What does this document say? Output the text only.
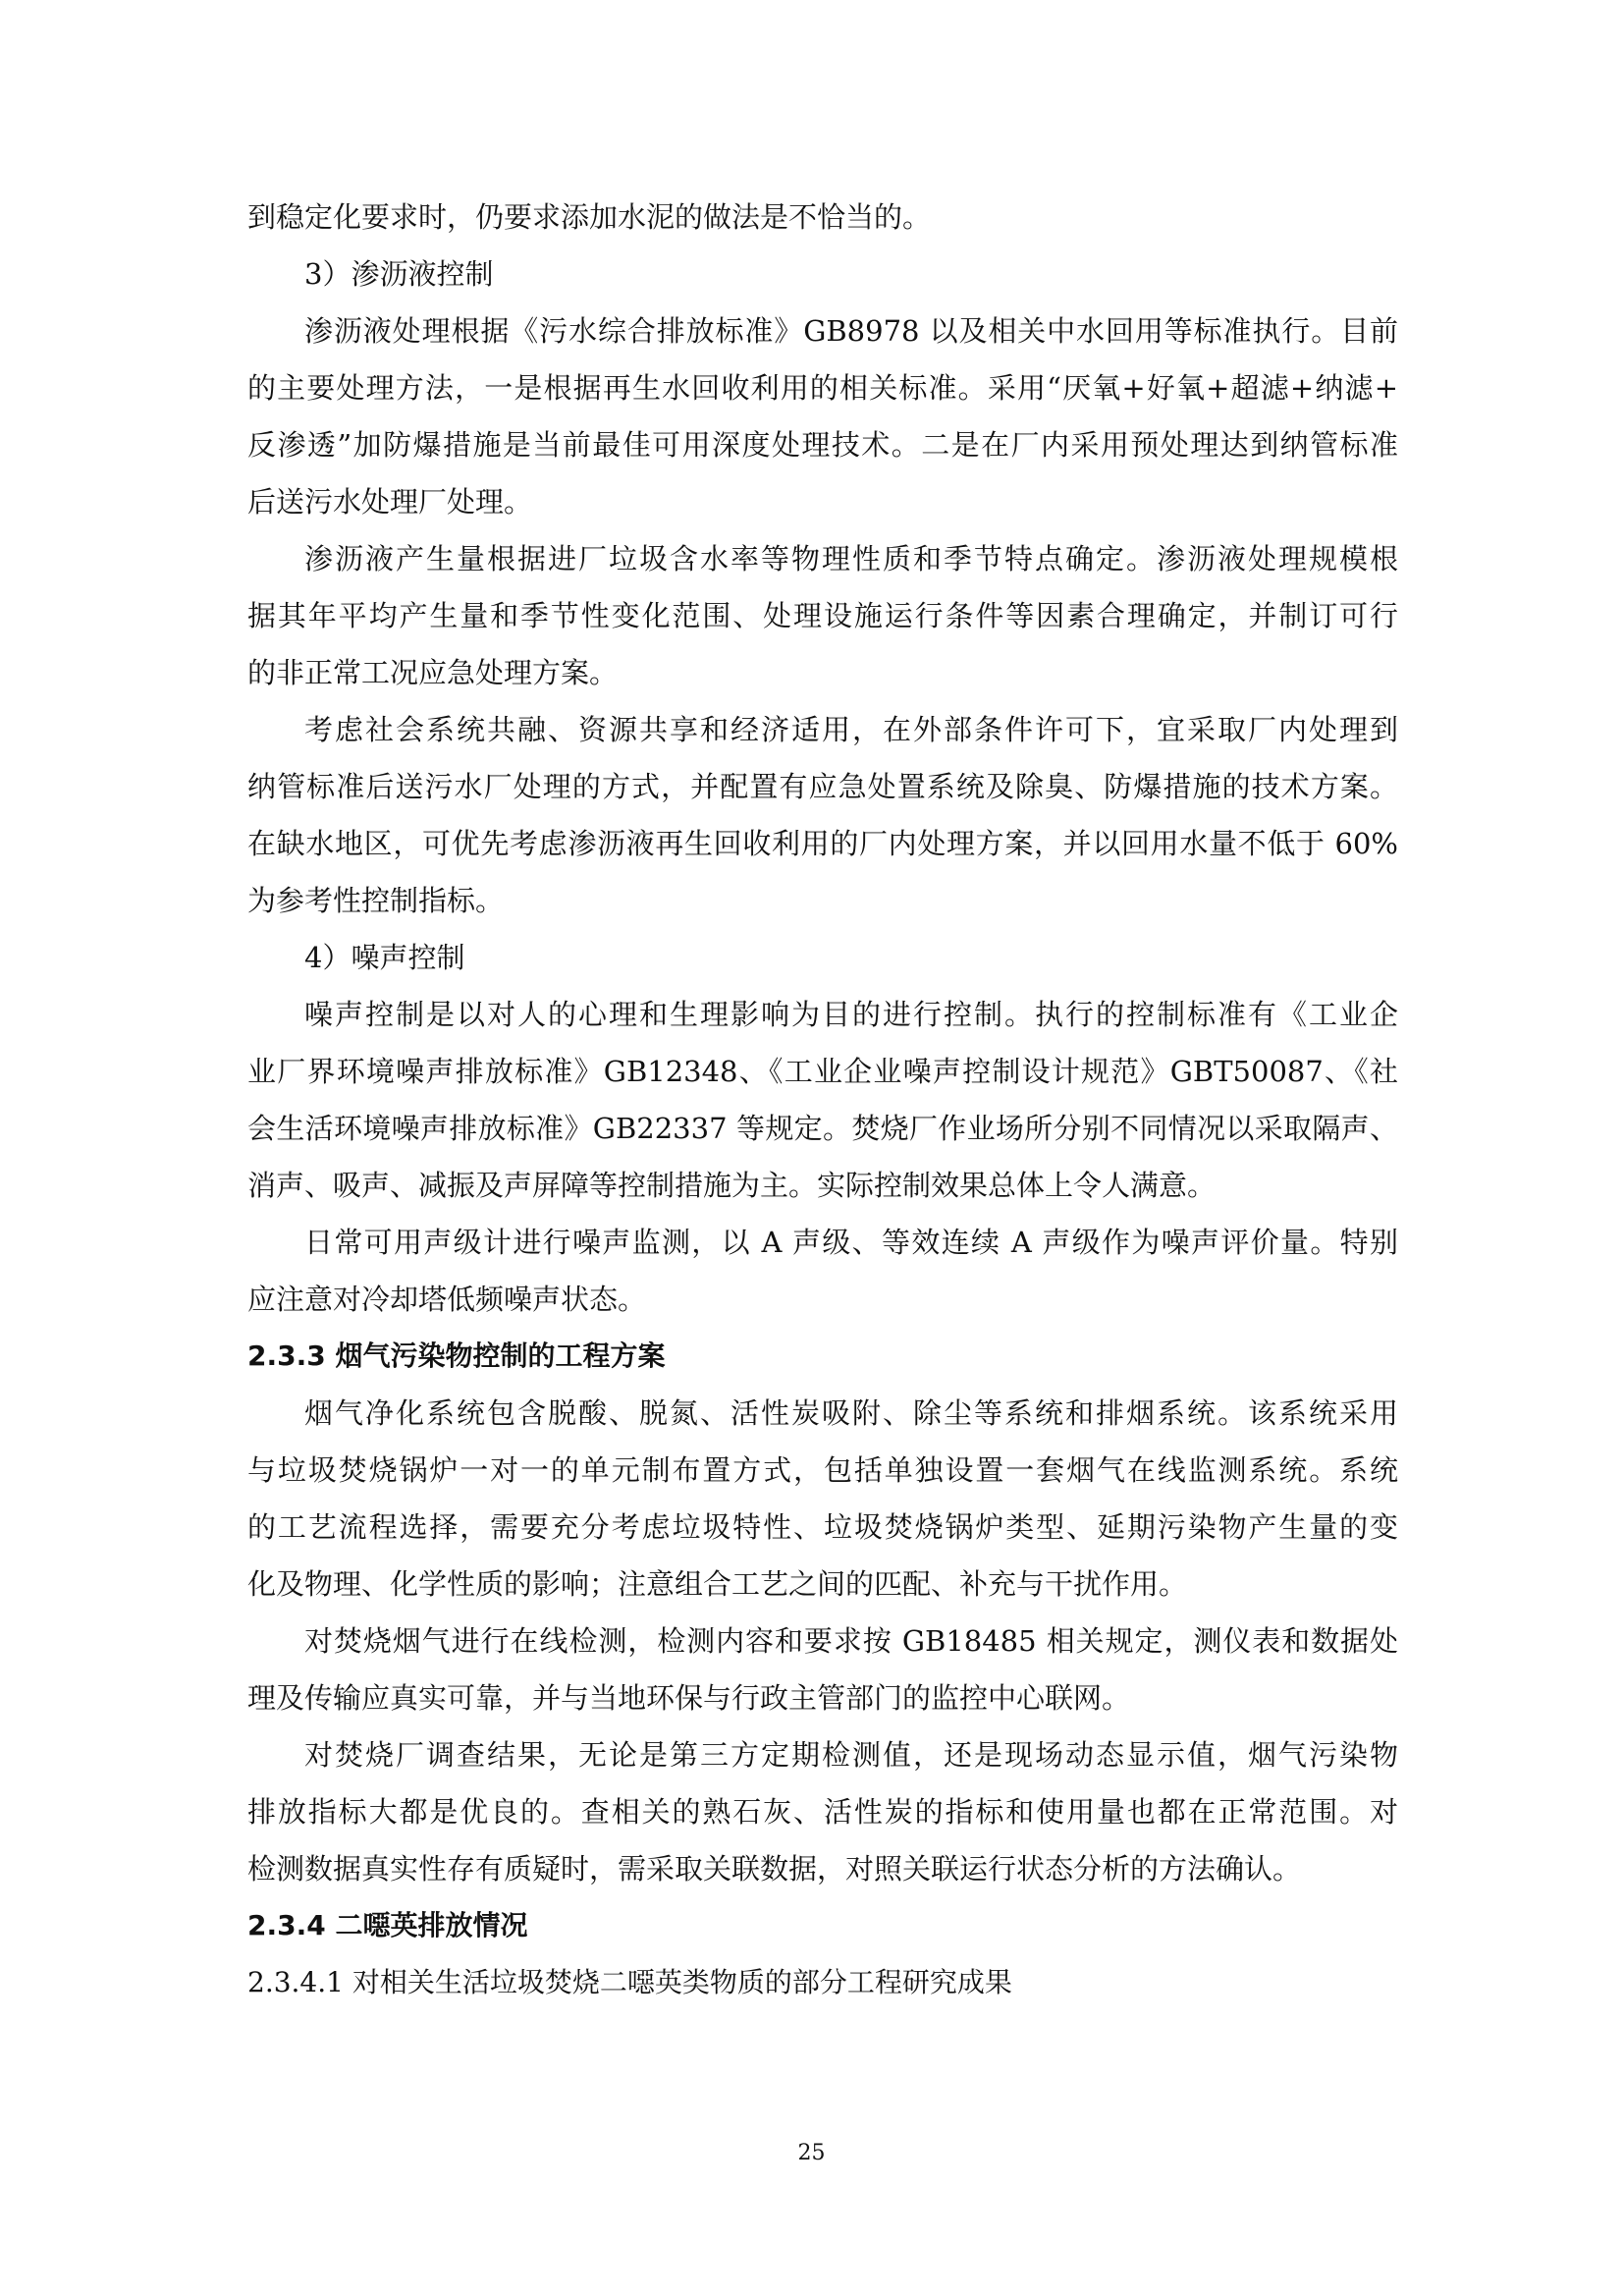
到稳定化要求时，仍要求添加水泥的做法是不恰当的。
3）渗沥液控制
渗沥液处理根据《污水综合排放标准》GB8978 以及相关中水回用等标准执行。目前
的主要处理方法，一是根据再生水回收利用的相关标准。采用“厌氧+好氧+超滤+纳滤+
反渗透”加防爆措施是当前最佳可用深度处理技术。二是在厂内采用预处理达到纳管标准
后送污水处理厂处理。
渗沥液产生量根据进厂垃圾含水率等物理性质和季节特点确定。渗沥液处理规模根
据其年平均产生量和季节性变化范围、处理设施运行条件等因素合理确定，并制订可行
的非正常工况应急处理方案。
考虑社会系统共融、资源共享和经济适用，在外部条件许可下，宜采取厂内处理到
纳管标准后送污水厂处理的方式，并配置有应急处置系统及除臭、防爆措施的技术方案。
在缺水地区，可优先考虑渗沥液再生回收利用的厂内处理方案，并以回用水量不低于 60%
为参考性控制指标。
4）噪声控制
噪声控制是以对人的心理和生理影响为目的进行控制。执行的控制标准有《工业企
业厂界环境噪声排放标准》GB12348、《工业企业噪声控制设计规范》GBT50087、《社
会生活环境噪声排放标准》GB22337 等规定。焚烧厂作业场所分别不同情况以采取隔声、
消声、吸声、减振及声屏障等控制措施为主。实际控制效果总体上令人满意。
日常可用声级计进行噪声监测，以 A 声级、等效连续 A 声级作为噪声评价量。特别
应注意对冷却塔低频噪声状态。
2.3.3 烟气污染物控制的工程方案
烟气净化系统包含脱酸、脱氮、活性炭吸附、除尘等系统和排烟系统。该系统采用
与垃圾焚烧锅炉一对一的单元制布置方式，包括单独设置一套烟气在线监测系统。系统
的工艺流程选择，需要充分考虑垃圾特性、垃圾焚烧锅炉类型、延期污染物产生量的变
化及物理、化学性质的影响；注意组合工艺之间的匹配、补充与干扰作用。
对焚烧烟气进行在线检测，检测内容和要求按 GB18485 相关规定，测仪表和数据处
理及传输应真实可靠，并与当地环保与行政主管部门的监控中心联网。
对焚烧厂调查结果，无论是第三方定期检测值，还是现场动态显示值，烟气污染物
排放指标大都是优良的。查相关的熟石灰、活性炭的指标和使用量也都在正常范围。对
检测数据真实性存有质疑时，需采取关联数据，对照关联运行状态分析的方法确认。
2.3.4 二噁英排放情况
2.3.4.1 对相关生活垃圾焚烧二噁英类物质的部分工程研究成果
25
